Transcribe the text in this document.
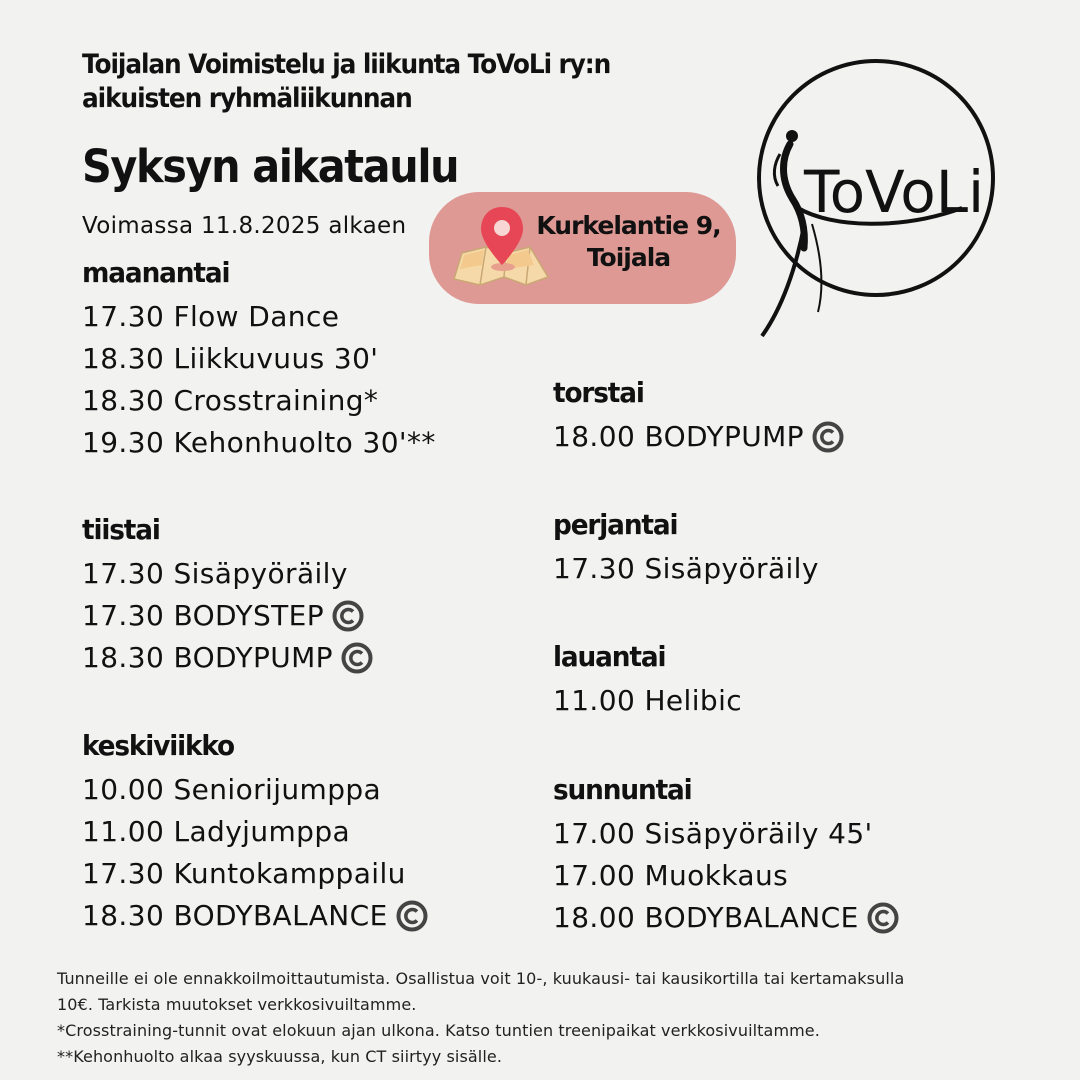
Toijalan Voimistelu ja liikunta ToVoLi ry:n
aikuisten ryhmäliikunnan
Syksyn aikataulu
Voimassa 11.8.2025 alkaen	Kurkelantie 9,
Toijala
ToVoLi
maanantai
17.30 Flow Dance
18.30 Liikkuvuus 30'
18.30 Crosstraining*
19.30 Kehonhuolto 30'**
tiistai
17.30 Sisäpyöräily
17.30 BODYSTEP
18.30 BODYPUMP
keskiviikko
10.00 Seniorijumppa
11.00 Ladyjumppa
17.30 Kuntokamppailu
18.30 BODYBALANCE
torstai
18.00 BODYPUMP
perjantai
17.30 Sisäpyöräily
lauantai
11.00 Helibic
sunnuntai
17.00 Sisäpyöräily 45'
17.00 Muokkaus
18.00 BODYBALANCE
Tunneille ei ole ennakkoilmoittautumista. Osallistua voit 10-, kuukausi- tai kausikortilla tai kertamaksulla
10€. Tarkista muutokset verkkosivuiltamme.
*Crosstraining-tunnit ovat elokuun ajan ulkona. Katso tuntien treenipaikat verkkosivuiltamme.
**Kehonhuolto alkaa syyskuussa, kun CT siirtyy sisälle.
